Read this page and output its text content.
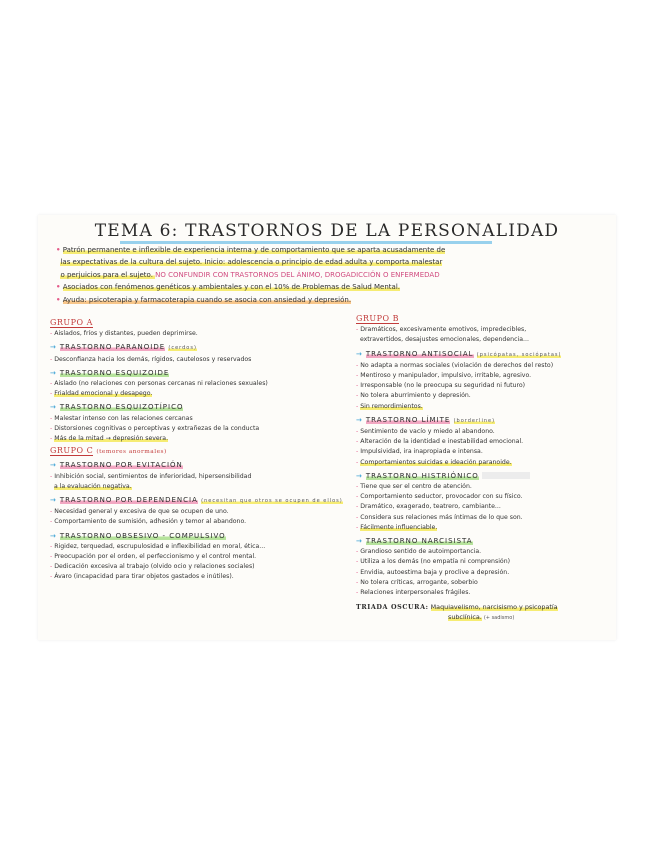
TEMA 6: TRASTORNOS DE LA PERSONALIDAD

• Patrón permanente e inflexible de experiencia interna y de comportamiento que se aparta acusadamente de

las expectativas de la cultura del sujeto. Inicio: adolescencia o principio de edad adulta y comporta malestar

o perjuicios para el sujeto. NO CONFUNDIR CON TRASTORNOS DEL ÁNIMO, DROGADICCIÓN O ENFERMEDAD

• Asociados con fenómenos genéticos y ambientales y con el 10% de Problemas de Salud Mental.

• Ayuda: psicoterapia y farmacoterapia cuando se asocia con ansiedad y depresión.

GRUPO A
- Aislados, fríos y distantes, pueden deprimirse.
→ TRASTORNO PARANOIDE (cerdos)
- Desconfianza hacia los demás, rígidos, cautelosos y reservados
→ TRASTORNO ESQUIZOIDE
- Aislado (no relaciones con personas cercanas ni relaciones sexuales)
- Frialdad emocional y desapego.
→ TRASTORNO ESQUIZOTÍPICO
- Malestar intenso con las relaciones cercanas
- Distorsiones cognitivas o perceptivas y extrañezas de la conducta
- Más de la mitad → depresión severa.
GRUPO C (temores anormales)
→ TRASTORNO POR EVITACIÓN
- Inhibición social, sentimientos de inferioridad, hipersensibilidad
a la evaluación negativa.
→ TRASTORNO POR DEPENDENCIA (necesitan que otros se ocupen de ellos)
- Necesidad general y excesiva de que se ocupen de uno.
- Comportamiento de sumisión, adhesión y temor al abandono.
→ TRASTORNO OBSESIVO - COMPULSIVO
- Rigidez, terquedad, escrupulosidad e inflexibilidad en moral, ética...
- Preocupación por el orden, el perfeccionismo y el control mental.
- Dedicación excesiva al trabajo (olvido ocio y relaciones sociales)
- Ávaro (incapacidad para tirar objetos gastados e inútiles).
GRUPO B
- Dramáticos, excesivamente emotivos, impredecibles,
extravertidos, desajustes emocionales, dependencia...
→ TRASTORNO ANTISOCIAL (psicópatas, sociópatas)
- No adapta a normas sociales (violación de derechos del resto)
- Mentiroso y manipulador, impulsivo, irritable, agresivo.
- Irresponsable (no le preocupa su seguridad ni futuro)
- No tolera aburrimiento y depresión.
- Sin remordimientos.
→ TRASTORNO LÍMITE (borderline)
- Sentimiento de vacío y miedo al abandono.
- Alteración de la identidad e inestabilidad emocional.
- Impulsividad, ira inapropiada e intensa.
- Comportamientos suicidas e ideación paranoide.
→ TRASTORNO HISTRIÓNICO
- Tiene que ser el centro de atención.
- Comportamiento seductor, provocador con su físico.
- Dramático, exagerado, teatrero, cambiante...
- Considera sus relaciones más íntimas de lo que son.
- Fácilmente influenciable.
→ TRASTORNO NARCISISTA
- Grandioso sentido de autoimportancia.
- Utiliza a los demás (no empatía ni comprensión)
- Envidia, autoestima baja y proclive a depresión.
- No tolera críticas, arrogante, soberbio
- Relaciones interpersonales frágiles.
TRIADA OSCURA: Maquiavelismo, narcisismo y psicopatía
subclínica. (+ sadismo)
